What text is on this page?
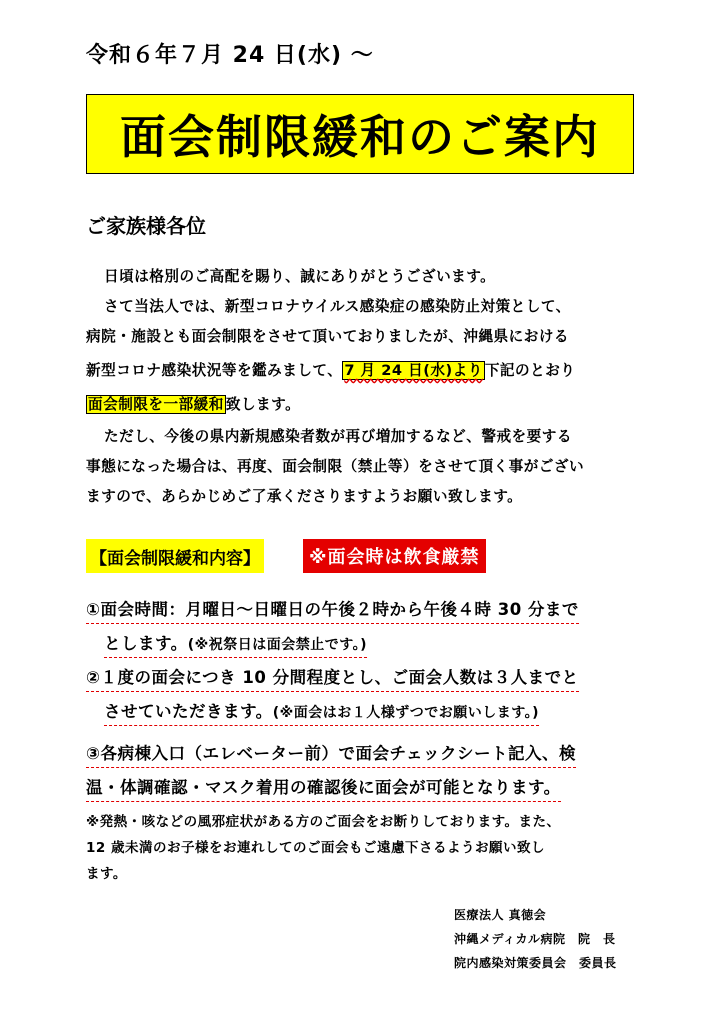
令和６年７月 24 日(水) ～
面会制限緩和のご案内
ご家族様各位
日頃は格別のご高配を賜り、誠にありがとうございます。
さて当法人では、新型コロナウイルス感染症の感染防止対策として、
病院・施設とも面会制限をさせて頂いておりましたが、沖縄県における
新型コロナ感染状況等を鑑みまして、 7 月 24 日(水)より 下記のとおり
面会制限を一部緩和 致します。
ただし、今後の県内新規感染者数が再び増加するなど、警戒を要する
事態になった場合は、再度、面会制限（禁止等）をさせて頂く事がござい
ますので、あらかじめご了承くださりますようお願い致します。
【面会制限緩和内容】	※面会時は飲食厳禁
①面会時間：月曜日～日曜日の午後２時から午後４時 30 分まで
とします。(※祝祭日は面会禁止です。)
②１度の面会につき 10 分間程度とし、ご面会人数は３人までと
させていただきます。(※面会はお１人様ずつでお願いします。)
③各病棟入口（エレベーター前）で面会チェックシート記入、検
温・体調確認・マスク着用の確認後に面会が可能となります。
※発熱・咳などの風邪症状がある方のご面会をお断りしております。また、
12 歳未満のお子様をお連れしてのご面会もご遠慮下さるようお願い致し
ます。
医療法人 真徳会
沖縄メディカル病院　院　長
院内感染対策委員会　委員長
